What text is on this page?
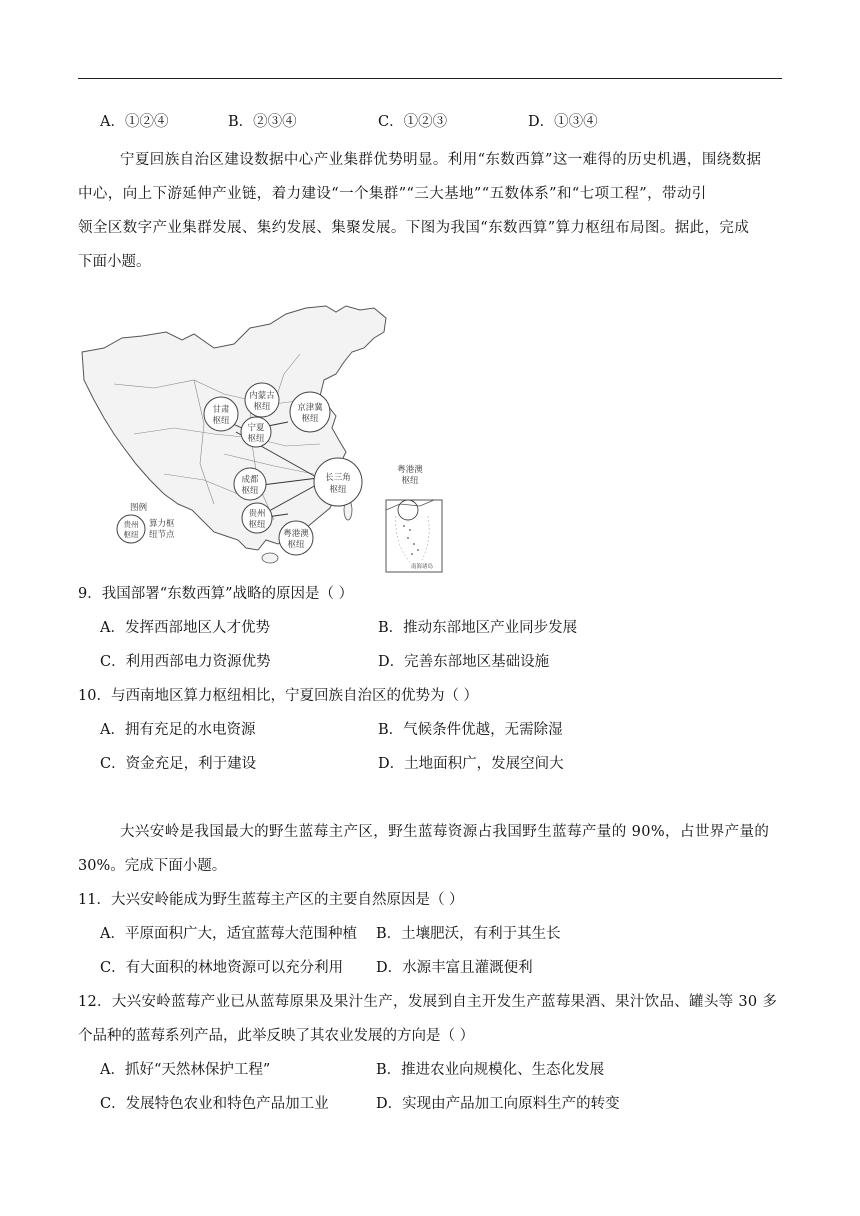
A．①②④	B．②③④	C．①②③	D．①③④
宁夏回族自治区建设数据中心产业集群优势明显。利用“东数西算”这一难得的历史机遇，围绕数据
中心，向上下游延伸产业链，着力建设“一个集群”“三大基地”“五数体系”和“七项工程”，带动引
领全区数字产业集群发展、集约发展、集聚发展。下图为我国“东数西算”算力枢纽布局图。据此，完成
下面小题。
甘肃
枢纽
内蒙古
枢纽	京津冀
枢纽
宁夏
枢纽
长三角
枢纽
成都
枢纽
贵州
枢纽
粤港澳
枢纽
图例
贵州
枢纽
算力枢
纽节点
粤港澳
枢纽
南海诸岛
9．我国部署“东数西算”战略的原因是（ ）
A．发挥西部地区人才优势	B．推动东部地区产业同步发展
C．利用西部电力资源优势	D．完善东部地区基础设施
10．与西南地区算力枢纽相比，宁夏回族自治区的优势为（ ）
A．拥有充足的水电资源	B．气候条件优越，无需除湿
C．资金充足，利于建设	D．土地面积广，发展空间大
大兴安岭是我国最大的野生蓝莓主产区，野生蓝莓资源占我国野生蓝莓产量的 90%，占世界产量的
30%。完成下面小题。
11．大兴安岭能成为野生蓝莓主产区的主要自然原因是（ ）
A．平原面积广大，适宜蓝莓大范围种植 B．土壤肥沃，有利于其生长
C．有大面积的林地资源可以充分利用 D．水源丰富且灌溉便利
12．大兴安岭蓝莓产业已从蓝莓原果及果汁生产，发展到自主开发生产蓝莓果酒、果汁饮品、罐头等 30 多
个品种的蓝莓系列产品，此举反映了其农业发展的方向是（ ）
A．抓好“天然林保护工程”	B．推进农业向规模化、生态化发展
C．发展特色农业和特色产品加工业	D．实现由产品加工向原料生产的转变
